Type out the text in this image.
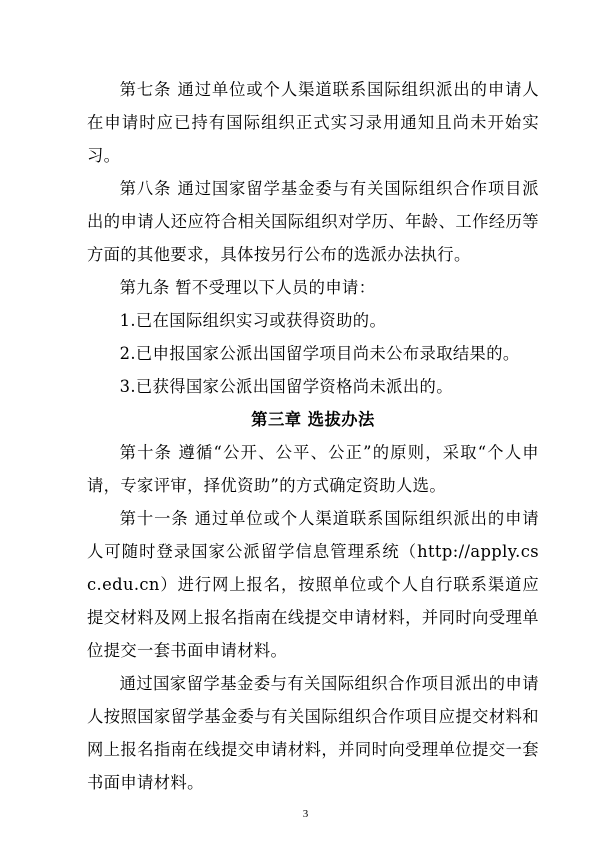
第七条 通过单位或个人渠道联系国际组织派出的申请人在申请时应已持有国际组织正式实习录用通知且尚未开始实习。

第八条 通过国家留学基金委与有关国际组织合作项目派出的申请人还应符合相关国际组织对学历、年龄、工作经历等方面的其他要求，具体按另行公布的选派办法执行。

第九条 暂不受理以下人员的申请：

1.已在国际组织实习或获得资助的。

2.已申报国家公派出国留学项目尚未公布录取结果的。

3.已获得国家公派出国留学资格尚未派出的。

第三章 选拔办法

第十条 遵循“公开、公平、公正”的原则，采取“个人申请，专家评审，择优资助”的方式确定资助人选。

第十一条 通过单位或个人渠道联系国际组织派出的申请人可随时登录国家公派留学信息管理系统（http://apply.csc.edu.cn）进行网上报名，按照单位或个人自行联系渠道应提交材料及网上报名指南在线提交申请材料，并同时向受理单位提交一套书面申请材料。

通过国家留学基金委与有关国际组织合作项目派出的申请人按照国家留学基金委与有关国际组织合作项目应提交材料和网上报名指南在线提交申请材料，并同时向受理单位提交一套书面申请材料。

3
